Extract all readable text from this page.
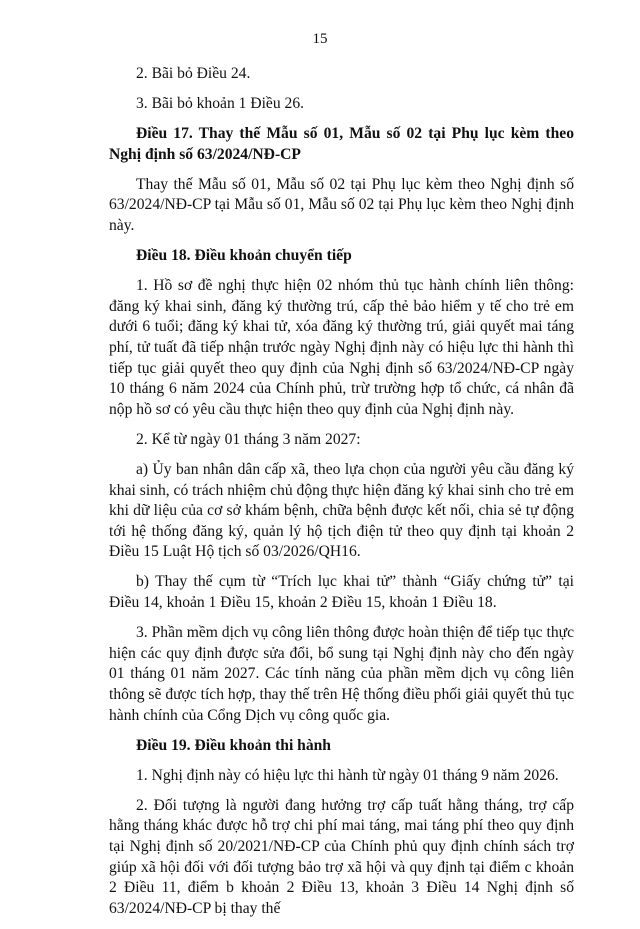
15

2. Bãi bỏ Điều 24.

3. Bãi bỏ khoản 1 Điều 26.

Điều 17. Thay thế Mẫu số 01, Mẫu số 02 tại Phụ lục kèm theo Nghị định số 63/2024/NĐ-CP

Thay thế Mẫu số 01, Mẫu số 02 tại Phụ lục kèm theo Nghị định số 63/2024/NĐ-CP tại Mẫu số 01, Mẫu số 02 tại Phụ lục kèm theo Nghị định này.

Điều 18. Điều khoản chuyển tiếp

1. Hồ sơ đề nghị thực hiện 02 nhóm thủ tục hành chính liên thông: đăng ký khai sinh, đăng ký thường trú, cấp thẻ bảo hiểm y tế cho trẻ em dưới 6 tuổi; đăng ký khai tử, xóa đăng ký thường trú, giải quyết mai táng phí, tử tuất đã tiếp nhận trước ngày Nghị định này có hiệu lực thi hành thì tiếp tục giải quyết theo quy định của Nghị định số 63/2024/NĐ-CP ngày 10 tháng 6 năm 2024 của Chính phủ, trừ trường hợp tổ chức, cá nhân đã nộp hồ sơ có yêu cầu thực hiện theo quy định của Nghị định này.

2. Kể từ ngày 01 tháng 3 năm 2027:

a) Ủy ban nhân dân cấp xã, theo lựa chọn của người yêu cầu đăng ký khai sinh, có trách nhiệm chủ động thực hiện đăng ký khai sinh cho trẻ em khi dữ liệu của cơ sở khám bệnh, chữa bệnh được kết nối, chia sẻ tự động tới hệ thống đăng ký, quản lý hộ tịch điện tử theo quy định tại khoản 2 Điều 15 Luật Hộ tịch số 03/2026/QH16.

b) Thay thế cụm từ “Trích lục khai tử” thành “Giấy chứng tử” tại Điều 14, khoản 1 Điều 15, khoản 2 Điều 15, khoản 1 Điều 18.

3. Phần mềm dịch vụ công liên thông được hoàn thiện để tiếp tục thực hiện các quy định được sửa đổi, bổ sung tại Nghị định này cho đến ngày 01 tháng 01 năm 2027. Các tính năng của phần mềm dịch vụ công liên thông sẽ được tích hợp, thay thế trên Hệ thống điều phối giải quyết thủ tục hành chính của Cổng Dịch vụ công quốc gia.

Điều 19. Điều khoản thi hành

1. Nghị định này có hiệu lực thi hành từ ngày 01 tháng 9 năm 2026.

2. Đối tượng là người đang hưởng trợ cấp tuất hằng tháng, trợ cấp hằng tháng khác được hỗ trợ chi phí mai táng, mai táng phí theo quy định tại Nghị định số 20/2021/NĐ-CP của Chính phủ quy định chính sách trợ giúp xã hội đối với đối tượng bảo trợ xã hội và quy định tại điểm c khoản 2 Điều 11, điểm b khoản 2 Điều 13, khoản 3 Điều 14 Nghị định số 63/2024/NĐ-CP bị thay thế
